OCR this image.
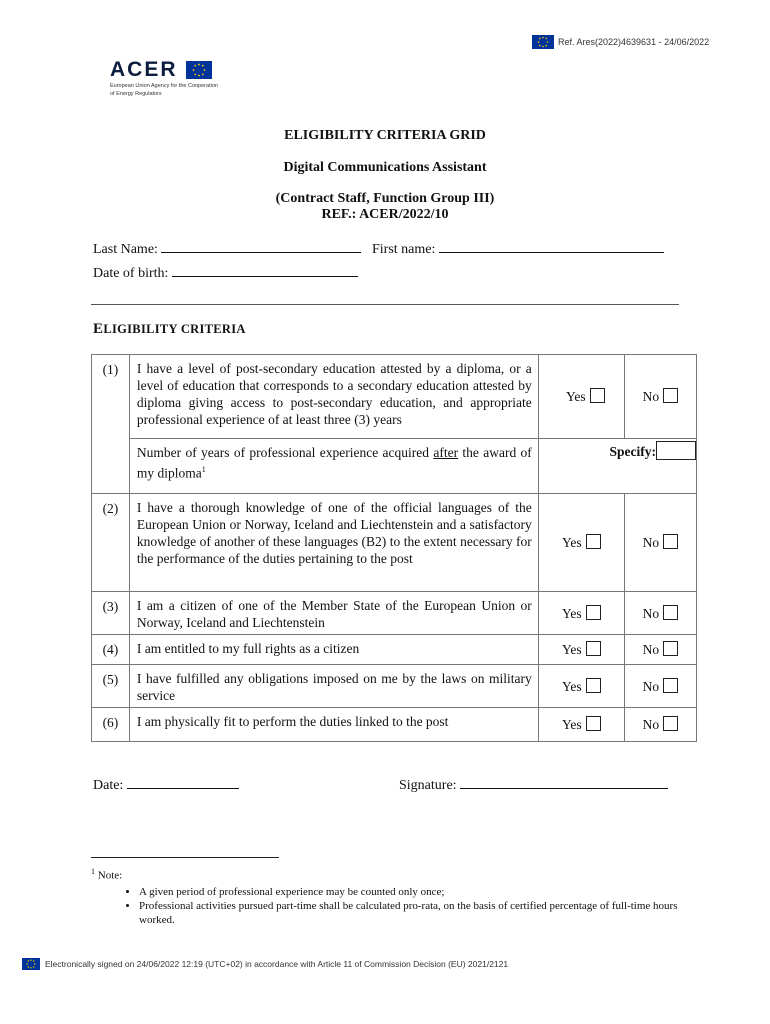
Ref. Ares(2022)4639631 - 24/06/2022
ACER
European Union Agency for the Cooperation
of Energy Regulators
ELIGIBILITY CRITERIA GRID
Digital Communications Assistant
(Contract Staff, Function Group III)
REF.: ACER/2022/10
Last Name:	First name:
Date of birth:
ELIGIBILITY CRITERIA
(1)	I have a level of post-secondary education attested by a diploma, or a level of education that corresponds to a secondary education attested by diploma giving access to post-secondary education, and appropriate professional experience of at least three (3) years	Yes	No
	Number of years of professional experience acquired after the award of my diploma$^1$	Specify:	
(2)	I have a thorough knowledge of one of the official languages of the European Union or Norway, Iceland and Liechtenstein and a satisfactory knowledge of another of these languages (B2) to the extent necessary for the performance of the duties pertaining to the post	Yes	No
(3)	I am a citizen of one of the Member State of the European Union or Norway, Iceland and Liechtenstein	Yes	No
(4)	I am entitled to my full rights as a citizen	Yes	No
(5)	I have fulfilled any obligations imposed on me by the laws on military service	Yes	No
(6)	I am physically fit to perform the duties linked to the post	Yes	No
Date:	Signature:
$^1$ Note:
• A given period of professional experience may be counted only once;
• Professional activities pursued part-time shall be calculated pro-rata, on the basis of certified percentage of full-time hours worked.
Electronically signed on 24/06/2022 12:19 (UTC+02) in accordance with Article 11 of Commission Decision (EU) 2021/2121
